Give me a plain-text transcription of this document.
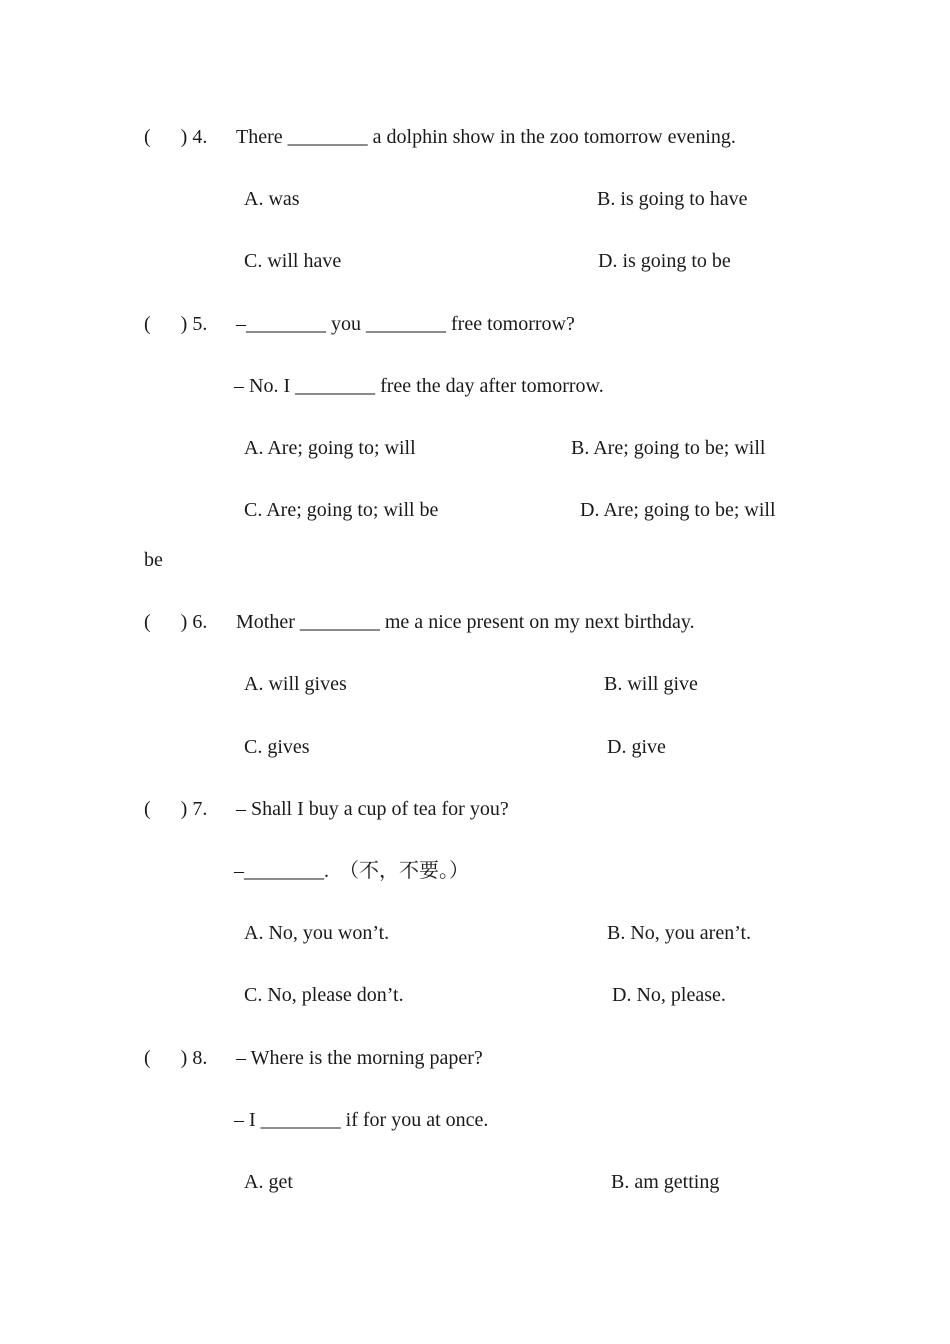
(      ) 4. There ________ a dolphin show in the zoo tomorrow evening.
A. was	B. is going to have
C. will have	D. is going to be
(      ) 5. –________ you ________ free tomorrow?
– No. I ________ free the day after tomorrow.
A. Are; going to; will	B. Are; going to be; will
C. Are; going to; will be	D. Are; going to be; will
be
(      ) 6. Mother ________ me a nice present on my next birthday.
A. will gives	B. will give
C. gives	D. give
(      ) 7. – Shall I buy a cup of tea for you?
–________.  （不，不要。）
A. No, you won’t.	B. No, you aren’t.
C. No, please don’t.	D. No, please.
(      ) 8. – Where is the morning paper?
– I ________ if for you at once.
A. get	B. am getting
